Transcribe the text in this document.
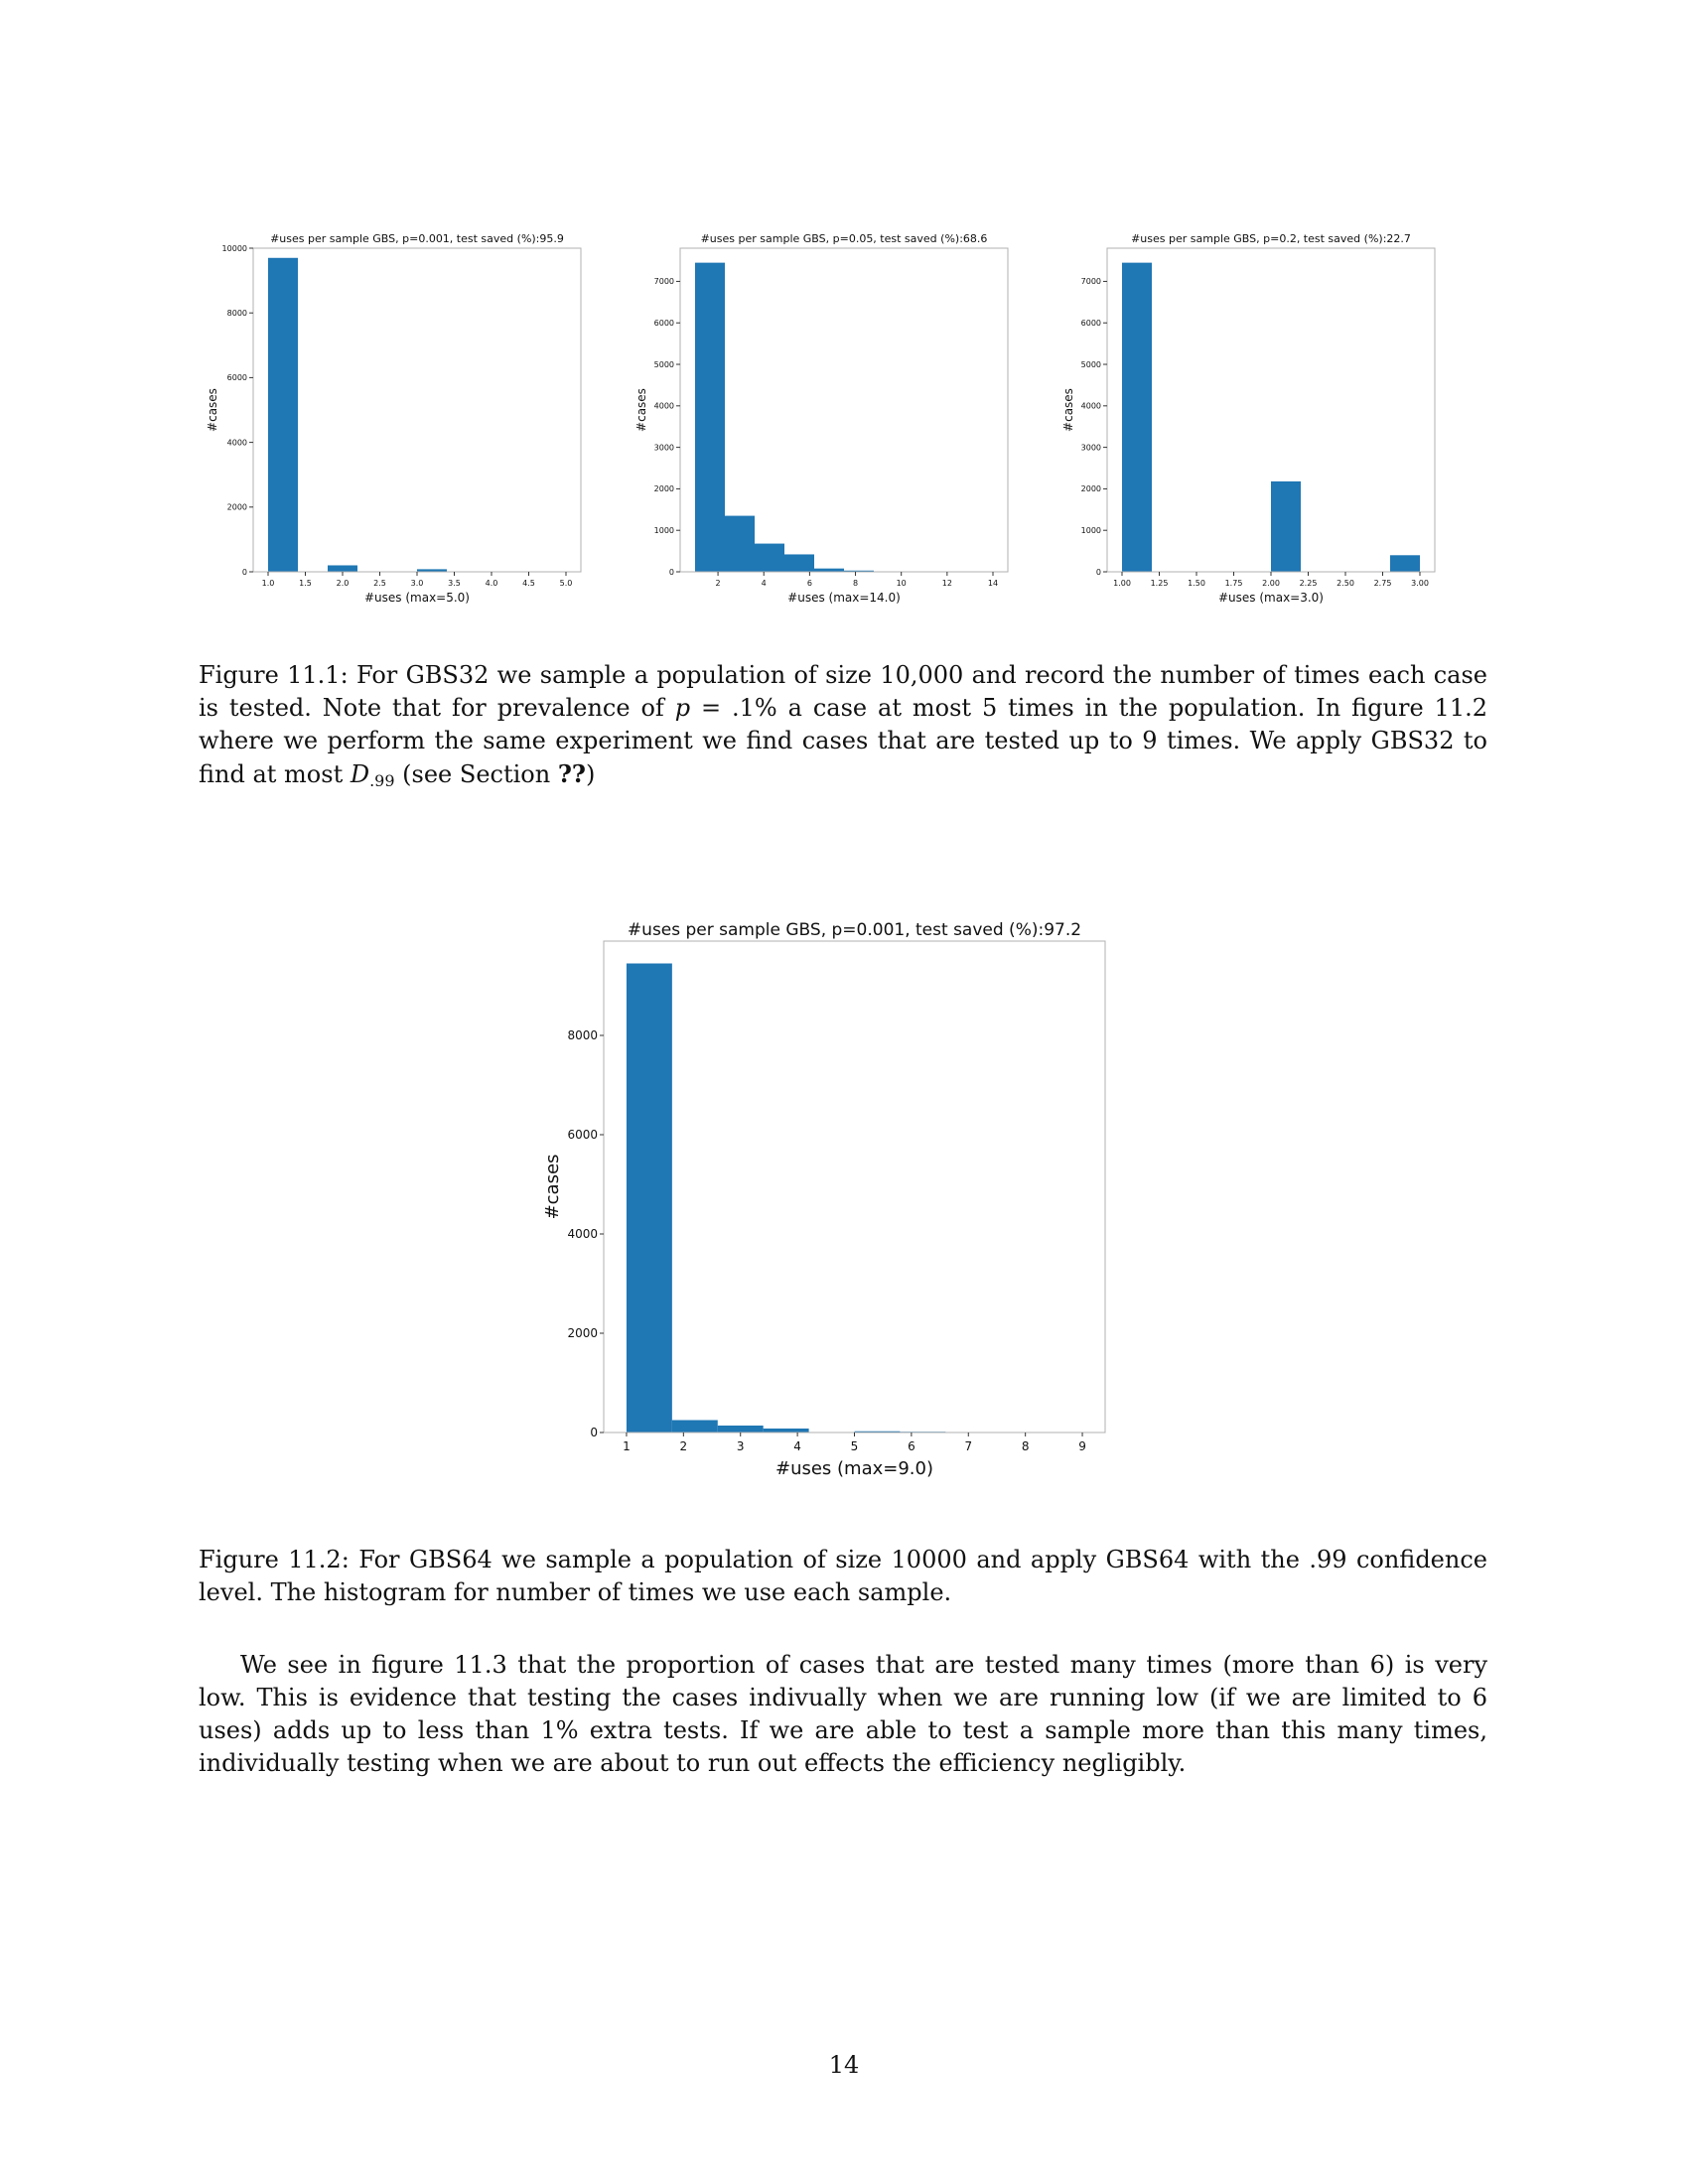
#uses per sample GBS, p=0.001, test saved (%):95.9
1.0	1.5	2.0	2.5	3.0	3.5	4.0	4.5	5.0
0
2000
4000
6000
8000
10000
#uses (max=5.0)
#cases
#uses per sample GBS, p=0.05, test saved (%):68.6
2	4	6	8	10	12	14
0
1000
2000
3000
4000
5000
6000
7000
#uses (max=14.0)
#cases
#uses per sample GBS, p=0.2, test saved (%):22.7
1.00 1.25 1.50 1.75 2.00 2.25 2.50 2.75 3.00
0
1000
2000
3000
4000
5000
6000
7000
#uses (max=3.0)
#cases

Figure 11.1: For GBS32 we sample a population of size 10,000 and record the number of times each case is tested. Note that for prevalence of p = .1% a case at most 5 times in the population. In figure 11.2 where we perform the same experiment we find cases that are tested up to 9 times. We apply GBS32 to find at most $D_{.99}$ (see Section ??)

#uses per sample GBS, p=0.001, test saved (%):97.2
1	2	3	4	5	6	7	8	9
0
2000
4000
6000
8000
#uses (max=9.0)
#cases

Figure 11.2: For GBS64 we sample a population of size 10000 and apply GBS64 with the .99 confidence level. The histogram for number of times we use each sample.

We see in figure 11.3 that the proportion of cases that are tested many times (more than 6) is very low. This is evidence that testing the cases indivually when we are running low (if we are limited to 6 uses) adds up to less than 1% extra tests. If we are able to test a sample more than this many times, individually testing when we are about to run out effects the efficiency negligibly.

14
